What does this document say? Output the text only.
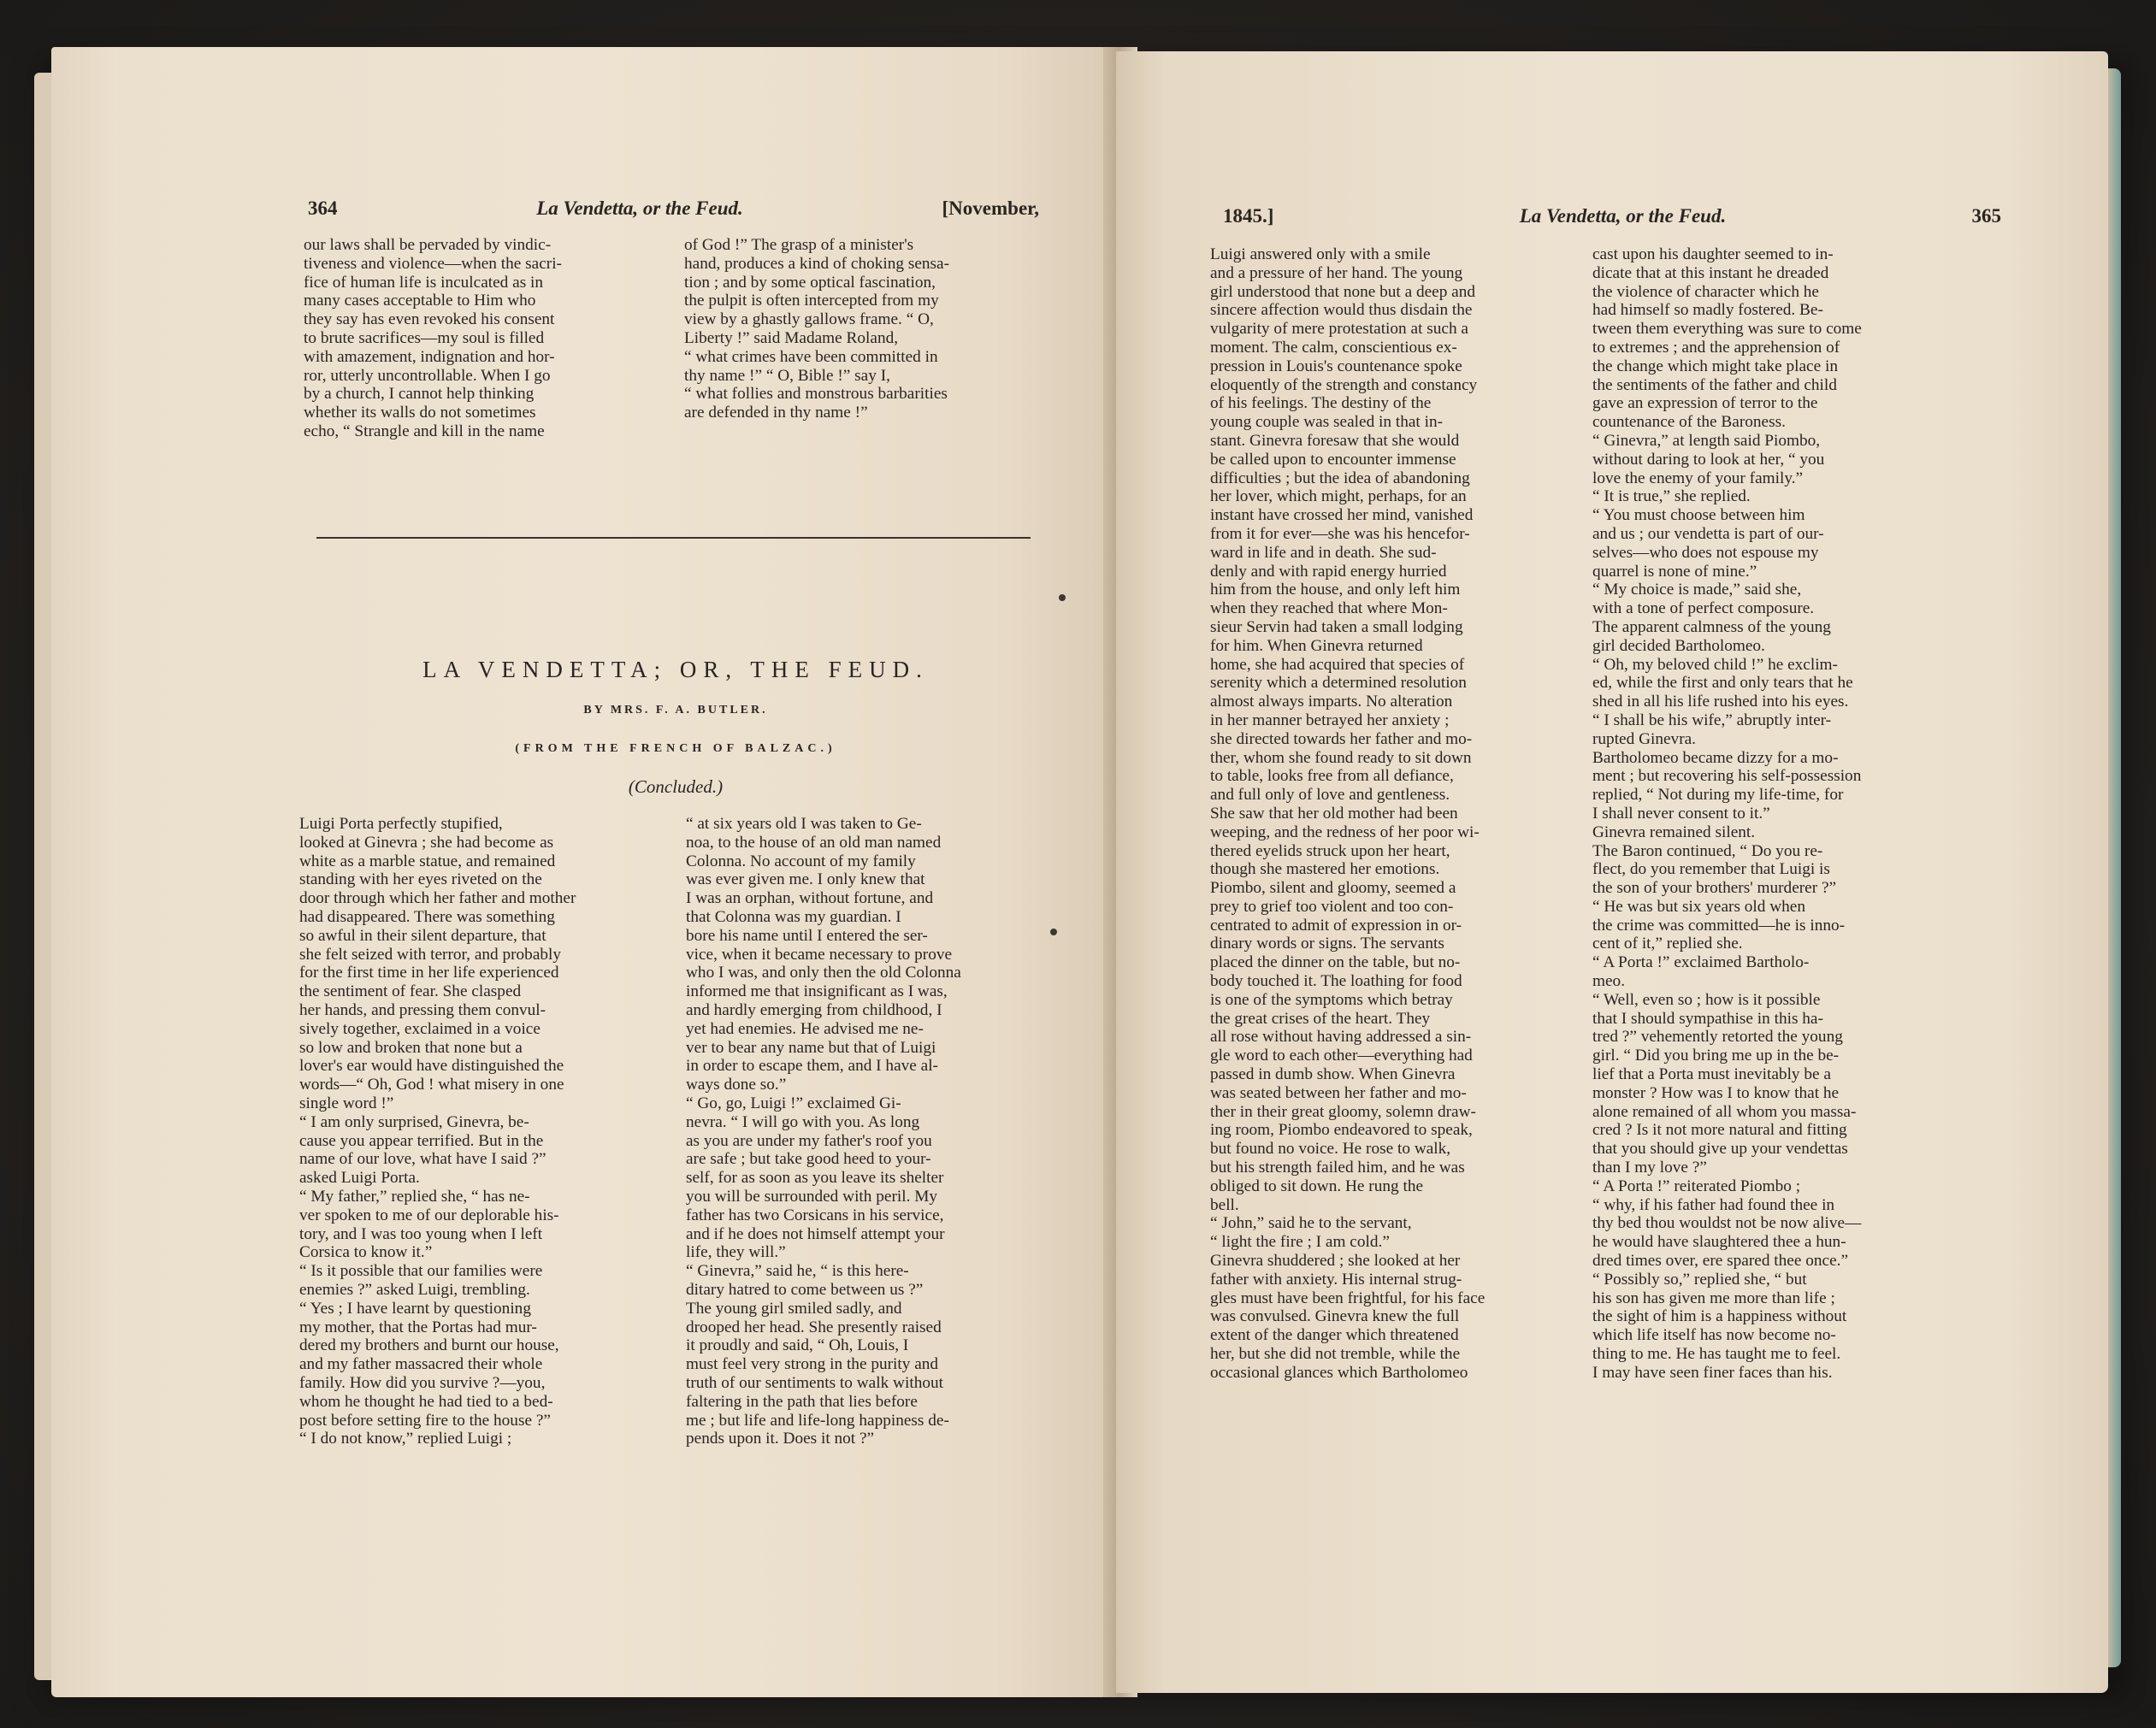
364	La Vendetta, or the Feud.	[November,
our laws shall be pervaded by vindic-
tiveness and violence—when the sacri-
fice of human life is inculcated as in
many cases acceptable to Him who
they say has even revoked his consent
to brute sacrifices—my soul is filled
with amazement, indignation and hor-
ror, utterly uncontrollable. When I go
by a church, I cannot help thinking
whether its walls do not sometimes
echo, “ Strangle and kill in the name
of God !” The grasp of a minister's
hand, produces a kind of choking sensa-
tion ; and by some optical fascination,
the pulpit is often intercepted from my
view by a ghastly gallows frame. “ O,
Liberty !” said Madame Roland,
“ what crimes have been committed in
thy name !” “ O, Bible !” say I,
“ what follies and monstrous barbarities
are defended in thy name !”
LA VENDETTA; OR, THE FEUD.
BY MRS. F. A. BUTLER.
(FROM THE FRENCH OF BALZAC.)
(Concluded.)
Luigi Porta perfectly stupified,
looked at Ginevra ; she had become as
white as a marble statue, and remained
standing with her eyes riveted on the
door through which her father and mother
had disappeared. There was something
so awful in their silent departure, that
she felt seized with terror, and probably
for the first time in her life experienced
the sentiment of fear. She clasped
her hands, and pressing them convul-
sively together, exclaimed in a voice
so low and broken that none but a
lover's ear would have distinguished the
words—“ Oh, God ! what misery in one
single word !”
“ I am only surprised, Ginevra, be-
cause you appear terrified. But in the
name of our love, what have I said ?”
asked Luigi Porta.
“ My father,” replied she, “ has ne-
ver spoken to me of our deplorable his-
tory, and I was too young when I left
Corsica to know it.”
“ Is it possible that our families were
enemies ?” asked Luigi, trembling.
“ Yes ; I have learnt by questioning
my mother, that the Portas had mur-
dered my brothers and burnt our house,
and my father massacred their whole
family. How did you survive ?—you,
whom he thought he had tied to a bed-
post before setting fire to the house ?”
“ I do not know,” replied Luigi ;
“ at six years old I was taken to Ge-
noa, to the house of an old man named
Colonna. No account of my family
was ever given me. I only knew that
I was an orphan, without fortune, and
that Colonna was my guardian. I
bore his name until I entered the ser-
vice, when it became necessary to prove
who I was, and only then the old Colonna
informed me that insignificant as I was,
and hardly emerging from childhood, I
yet had enemies. He advised me ne-
ver to bear any name but that of Luigi
in order to escape them, and I have al-
ways done so.”
“ Go, go, Luigi !” exclaimed Gi-
nevra. “ I will go with you. As long
as you are under my father's roof you
are safe ; but take good heed to your-
self, for as soon as you leave its shelter
you will be surrounded with peril. My
father has two Corsicans in his service,
and if he does not himself attempt your
life, they will.”
“ Ginevra,” said he, “ is this here-
ditary hatred to come between us ?”
The young girl smiled sadly, and
drooped her head. She presently raised
it proudly and said, “ Oh, Louis, I
must feel very strong in the purity and
truth of our sentiments to walk without
faltering in the path that lies before
me ; but life and life-long happiness de-
pends upon it. Does it not ?”
1845.]	La Vendetta, or the Feud.	365
Luigi answered only with a smile
and a pressure of her hand. The young
girl understood that none but a deep and
sincere affection would thus disdain the
vulgarity of mere protestation at such a
moment. The calm, conscientious ex-
pression in Louis's countenance spoke
eloquently of the strength and constancy
of his feelings. The destiny of the
young couple was sealed in that in-
stant. Ginevra foresaw that she would
be called upon to encounter immense
difficulties ; but the idea of abandoning
her lover, which might, perhaps, for an
instant have crossed her mind, vanished
from it for ever—she was his hencefor-
ward in life and in death. She sud-
denly and with rapid energy hurried
him from the house, and only left him
when they reached that where Mon-
sieur Servin had taken a small lodging
for him. When Ginevra returned
home, she had acquired that species of
serenity which a determined resolution
almost always imparts. No alteration
in her manner betrayed her anxiety ;
she directed towards her father and mo-
ther, whom she found ready to sit down
to table, looks free from all defiance,
and full only of love and gentleness.
She saw that her old mother had been
weeping, and the redness of her poor wi-
thered eyelids struck upon her heart,
though she mastered her emotions.
Piombo, silent and gloomy, seemed a
prey to grief too violent and too con-
centrated to admit of expression in or-
dinary words or signs. The servants
placed the dinner on the table, but no-
body touched it. The loathing for food
is one of the symptoms which betray
the great crises of the heart. They
all rose without having addressed a sin-
gle word to each other—everything had
passed in dumb show. When Ginevra
was seated between her father and mo-
ther in their great gloomy, solemn draw-
ing room, Piombo endeavored to speak,
but found no voice. He rose to walk,
but his strength failed him, and he was
obliged to sit down. He rung the
bell.
“ John,” said he to the servant,
“ light the fire ; I am cold.”
Ginevra shuddered ; she looked at her
father with anxiety. His internal strug-
gles must have been frightful, for his face
was convulsed. Ginevra knew the full
extent of the danger which threatened
her, but she did not tremble, while the
occasional glances which Bartholomeo
cast upon his daughter seemed to in-
dicate that at this instant he dreaded
the violence of character which he
had himself so madly fostered. Be-
tween them everything was sure to come
to extremes ; and the apprehension of
the change which might take place in
the sentiments of the father and child
gave an expression of terror to the
countenance of the Baroness.
“ Ginevra,” at length said Piombo,
without daring to look at her, “ you
love the enemy of your family.”
“ It is true,” she replied.
“ You must choose between him
and us ; our vendetta is part of our-
selves—who does not espouse my
quarrel is none of mine.”
“ My choice is made,” said she,
with a tone of perfect composure.
The apparent calmness of the young
girl decided Bartholomeo.
“ Oh, my beloved child !” he exclim-
ed, while the first and only tears that he
shed in all his life rushed into his eyes.
“ I shall be his wife,” abruptly inter-
rupted Ginevra.
Bartholomeo became dizzy for a mo-
ment ; but recovering his self-possession
replied, “ Not during my life-time, for
I shall never consent to it.”
Ginevra remained silent.
The Baron continued, “ Do you re-
flect, do you remember that Luigi is
the son of your brothers' murderer ?”
“ He was but six years old when
the crime was committed—he is inno-
cent of it,” replied she.
“ A Porta !” exclaimed Bartholo-
meo.
“ Well, even so ; how is it possible
that I should sympathise in this ha-
tred ?” vehemently retorted the young
girl. “ Did you bring me up in the be-
lief that a Porta must inevitably be a
monster ? How was I to know that he
alone remained of all whom you massa-
cred ? Is it not more natural and fitting
that you should give up your vendettas
than I my love ?”
“ A Porta !” reiterated Piombo ;
“ why, if his father had found thee in
thy bed thou wouldst not be now alive—
he would have slaughtered thee a hun-
dred times over, ere spared thee once.”
“ Possibly so,” replied she, “ but
his son has given me more than life ;
the sight of him is a happiness without
which life itself has now become no-
thing to me. He has taught me to feel.
I may have seen finer faces than his.
